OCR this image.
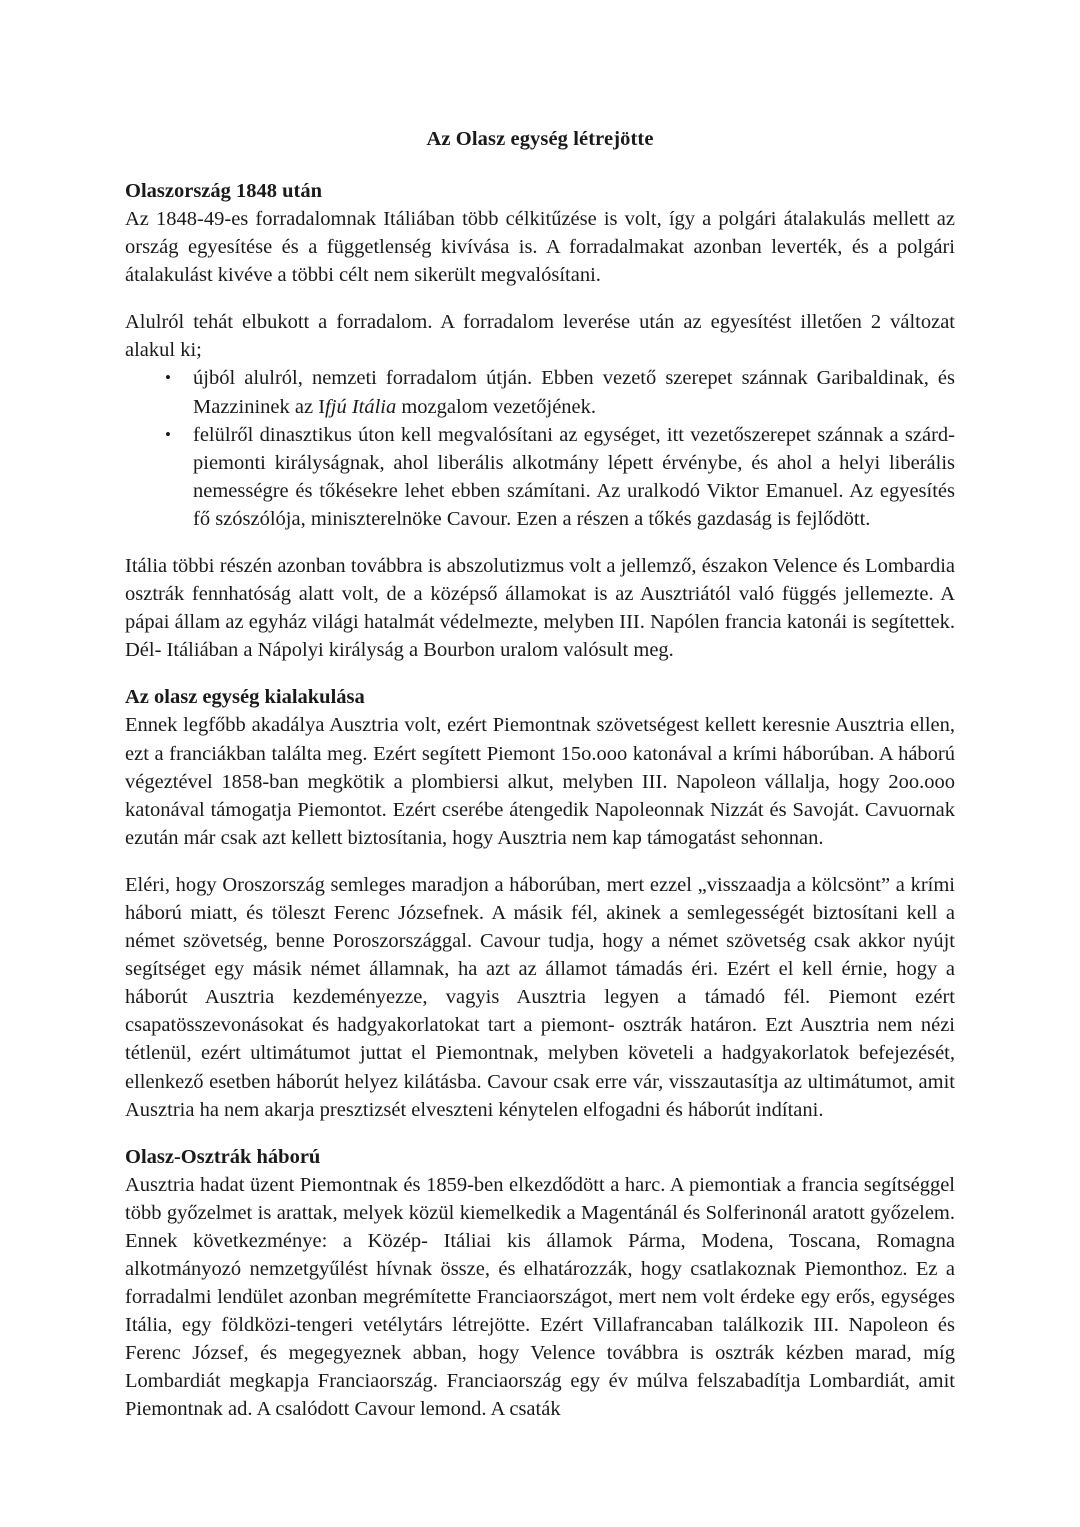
Az Olasz egység létrejötte
Olaszország 1848 után

Az 1848-49-es forradalomnak Itáliában több célkitűzése is volt, így a polgári átalakulás mellett az ország egyesítése és a függetlenség kivívása is. A forradalmakat azonban leverték, és a polgári átalakulást kivéve a többi célt nem sikerült megvalósítani.

Alulról tehát elbukott a forradalom. A forradalom leverése után az egyesítést illetően 2 változat alakul ki;

• újból alulról, nemzeti forradalom útján. Ebben vezető szerepet szánnak Garibaldinak, és Mazzininek az Ifjú Itália mozgalom vezetőjének.
• felülről dinasztikus úton kell megvalósítani az egységet, itt vezetőszerepet szánnak a szárd-piemonti királyságnak, ahol liberális alkotmány lépett érvénybe, és ahol a helyi liberális nemességre és tőkésekre lehet ebben számítani. Az uralkodó Viktor Emanuel. Az egyesítés fő szószólója, miniszterelnöke Cavour. Ezen a részen a tőkés gazdaság is fejlődött.

Itália többi részén azonban továbbra is abszolutizmus volt a jellemző, északon Velence és Lombardia osztrák fennhatóság alatt volt, de a középső államokat is az Ausztriától való függés jellemezte. A pápai állam az egyház világi hatalmát védelmezte, melyben III. Napólen francia katonái is segítettek. Dél- Itáliában a Nápolyi királyság a Bourbon uralom valósult meg.

Az olasz egység kialakulása

Ennek legfőbb akadálya Ausztria volt, ezért Piemontnak szövetségest kellett keresnie Ausztria ellen, ezt a franciákban találta meg. Ezért segített Piemont 15o.ooo katonával a krími háborúban. A háború végeztével 1858-ban megkötik a plombiersi alkut, melyben III. Napoleon vállalja, hogy 2oo.ooo katonával támogatja Piemontot. Ezért cserébe átengedik Napoleonnak Nizzát és Savoját. Cavuornak ezután már csak azt kellett biztosítania, hogy Ausztria nem kap támogatást sehonnan.

Eléri, hogy Oroszország semleges maradjon a háborúban, mert ezzel „visszaadja a kölcsönt” a krími háború miatt, és töleszt Ferenc Józsefnek. A másik fél, akinek a semlegességét biztosítani kell a német szövetség, benne Poroszországgal. Cavour tudja, hogy a német szövetség csak akkor nyújt segítséget egy másik német államnak, ha azt az államot támadás éri. Ezért el kell érnie, hogy a háborút Ausztria kezdeményezze, vagyis Ausztria legyen a támadó fél. Piemont ezért csapatösszevonásokat és hadgyakorlatokat tart a piemont- osztrák határon. Ezt Ausztria nem nézi tétlenül, ezért ultimátumot juttat el Piemontnak, melyben követeli a hadgyakorlatok befejezését, ellenkező esetben háborút helyez kilátásba. Cavour csak erre vár, visszautasítja az ultimátumot, amit Ausztria ha nem akarja presztizsét elveszteni kénytelen elfogadni és háborút indítani.

Olasz-Osztrák háború

Ausztria hadat üzent Piemontnak és 1859-ben elkezdődött a harc. A piemontiak a francia segítséggel több győzelmet is arattak, melyek közül kiemelkedik a Magentánál és Solferinonál aratott győzelem. Ennek következménye: a Közép- Itáliai kis államok Párma, Modena, Toscana, Romagna alkotmányozó nemzetgyűlést hívnak össze, és elhatározzák, hogy csatlakoznak Piemonthoz. Ez a forradalmi lendület azonban megrémítette Franciaországot, mert nem volt érdeke egy erős, egységes Itália, egy földközi-tengeri vetélytárs létrejötte. Ezért Villafrancaban találkozik III. Napoleon és Ferenc József, és megegyeznek abban, hogy Velence továbbra is osztrák kézben marad, míg Lombardiát megkapja Franciaország. Franciaország egy év múlva felszabadítja Lombardiát, amit Piemontnak ad. A csalódott Cavour lemond. A csaták
